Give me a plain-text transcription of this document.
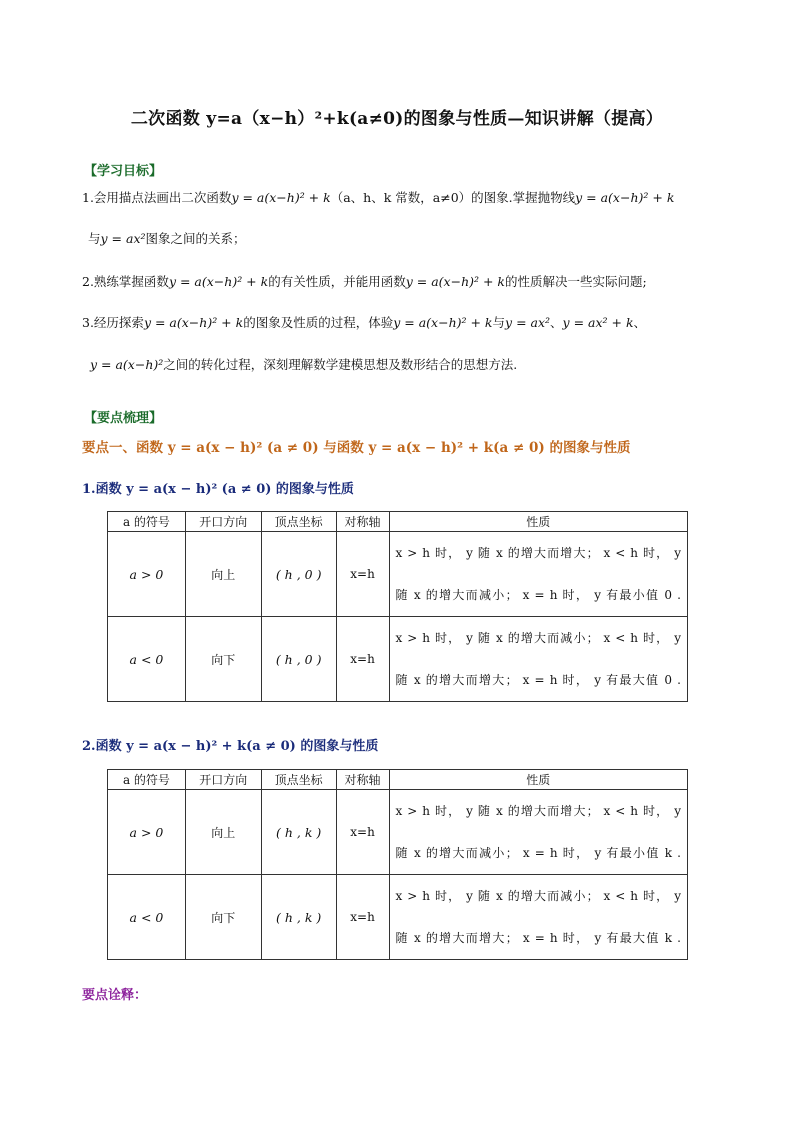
二次函数 y=a（x−h）²+k(a≠0)的图象与性质—知识讲解（提高）
【学习目标】
1.会用描点法画出二次函数y = a(x−h)² + k（a、h、k 常数，a≠0）的图象.掌握抛物线y = a(x−h)² + k
与y = ax²图象之间的关系；
2.熟练掌握函数y = a(x−h)² + k的有关性质，并能用函数y = a(x−h)² + k的性质解决一些实际问题;
3.经历探索y = a(x−h)² + k的图象及性质的过程，体验y = a(x−h)² + k与y = ax²、y = ax² + k、
y = a(x−h)²之间的转化过程，深刻理解数学建模思想及数形结合的思想方法.
【要点梳理】
要点一、函数 y = a(x − h)² (a ≠ 0) 与函数 y = a(x − h)² + k(a ≠ 0) 的图象与性质
1.函数 y = a(x − h)² (a ≠ 0) 的图象与性质
a 的符号	开口方向	顶点坐标	对称轴	性质
a > 0	向上	( h , 0 )	x=h	x > h 时， y 随 x 的增大而增大； x < h 时， y
随 x 的增大而减小； x = h 时， y 有最小值 0 .

a < 0	向下	( h , 0 )	x=h	x > h 时， y 随 x 的增大而减小； x < h 时， y
随 x 的增大而增大； x = h 时， y 有最大值 0 .
2.函数 y = a(x − h)² + k(a ≠ 0) 的图象与性质
a 的符号	开口方向	顶点坐标	对称轴	性质
a > 0	向上	( h , k )	x=h	x > h 时， y 随 x 的增大而增大； x < h 时， y
随 x 的增大而减小； x = h 时， y 有最小值 k .

a < 0	向下	( h , k )	x=h	x > h 时， y 随 x 的增大而减小； x < h 时， y
随 x 的增大而增大； x = h 时， y 有最大值 k .
要点诠释：
